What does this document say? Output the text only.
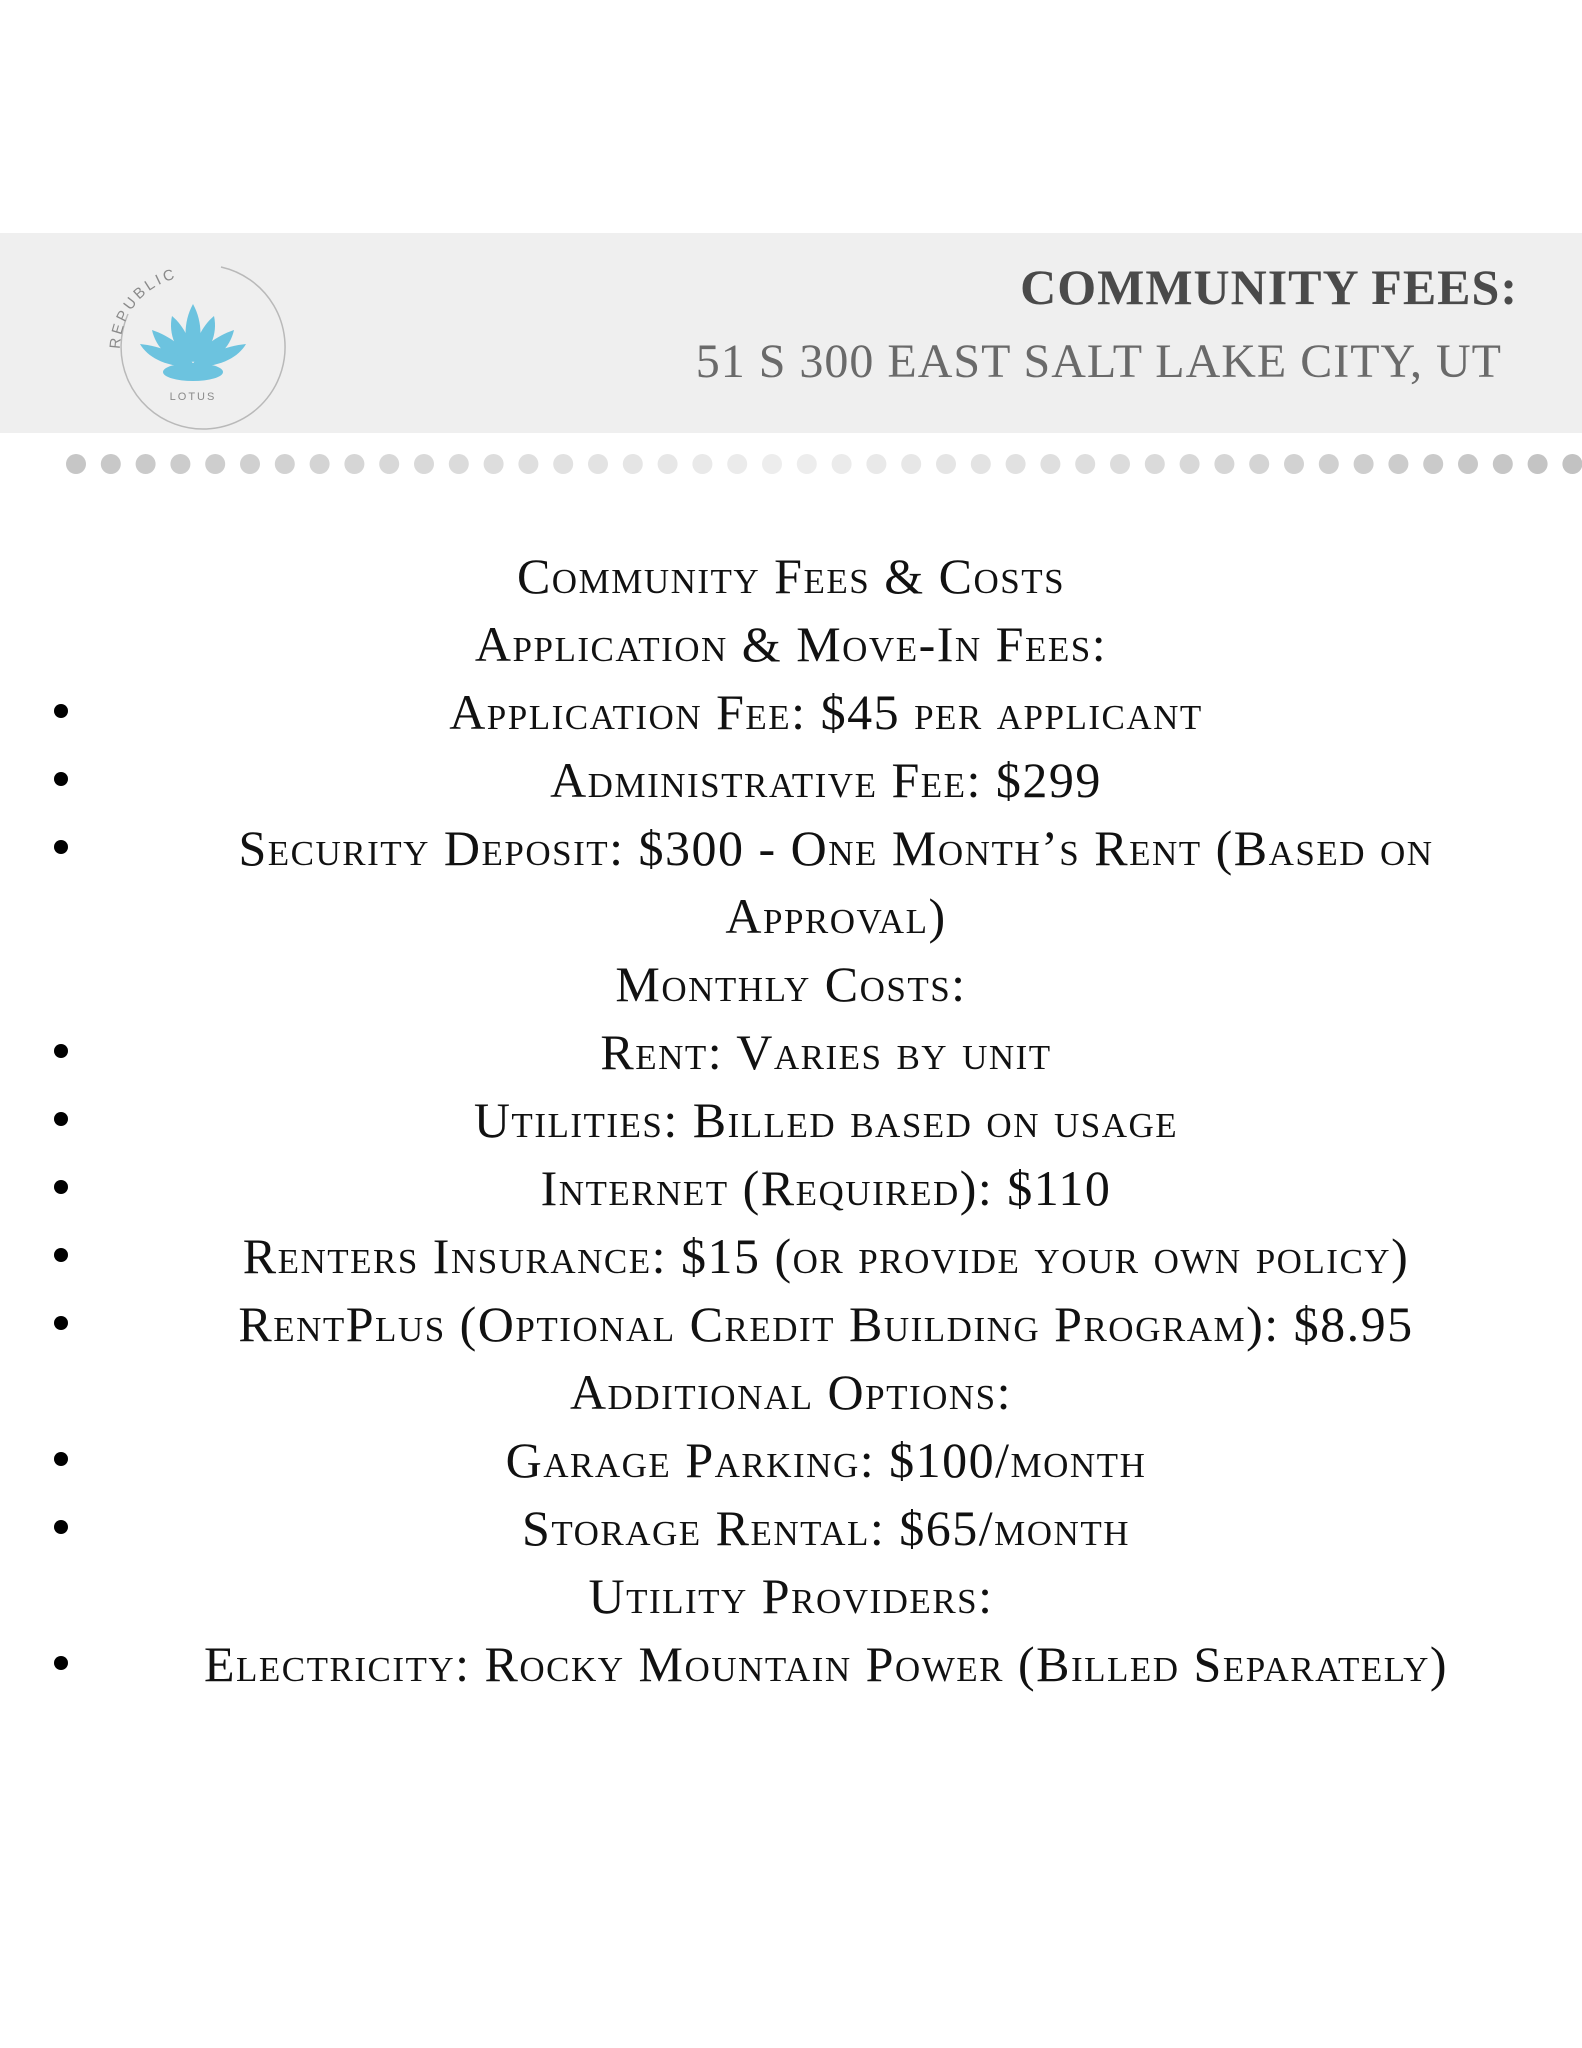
REPUBLIC
LOTUS
COMMUNITY FEES:
51 S 300 EAST SALT LAKE CITY, UT
Community Fees & Costs
Application & Move-In Fees:
Application Fee: $45 per applicant
Administrative Fee: $299
Security Deposit: $300 - One Month’s Rent (Based on Approval)
Monthly Costs:
Rent: Varies by unit
Utilities: Billed based on usage
Internet (Required): $110
Renters Insurance: $15 (or provide your own policy)
RentPlus (Optional Credit Building Program): $8.95
Additional Options:
Garage Parking: $100/month
Storage Rental: $65/month
Utility Providers:
Electricity: Rocky Mountain Power (Billed Separately)
